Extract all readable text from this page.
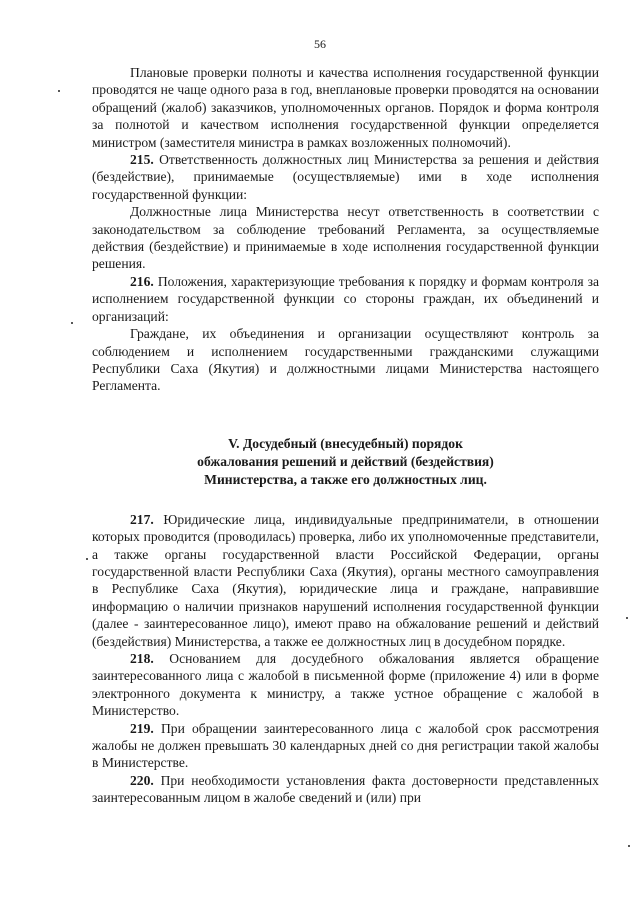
56

Плановые проверки полноты и качества исполнения государственной функции проводятся не чаще одного раза в год, внеплановые проверки проводятся на основании обращений (жалоб) заказчиков, уполномоченных органов. Порядок и форма контроля за полнотой и качеством исполнения государственной функции определяется министром (заместителя министра в рамках возложенных полномочий).

215. Ответственность должностных лиц Министерства за решения и действия (бездействие), принимаемые (осуществляемые) ими в ходе исполнения государственной функции:

Должностные лица Министерства несут ответственность в соответствии с законодательством за соблюдение требований Регламента, за осуществляемые действия (бездействие) и принимаемые в ходе исполнения государственной функции решения.

216. Положения, характеризующие требования к порядку и формам контроля за исполнением государственной функции со стороны граждан, их объединений и организаций:

Граждане, их объединения и организации осуществляют контроль за соблюдением и исполнением государственными гражданскими служащими Республики Саха (Якутия) и должностными лицами Министерства настоящего Регламента.

V. Досудебный (внесудебный) порядок
обжалования решений и действий (бездействия)
Министерства, а также его должностных лиц.

217. Юридические лица, индивидуальные предприниматели, в отношении которых проводится (проводилась) проверка, либо их уполномоченные представители, а также органы государственной власти Российской Федерации, органы государственной власти Республики Саха (Якутия), органы местного самоуправления в Республике Саха (Якутия), юридические лица и граждане, направившие информацию о наличии признаков нарушений исполнения государственной функции (далее - заинтересованное лицо), имеют право на обжалование решений и действий (бездействия) Министерства, а также ее должностных лиц в досудебном порядке.

218. Основанием для досудебного обжалования является обращение заинтересованного лица с жалобой в письменной форме (приложение 4) или в форме электронного документа к министру, а также устное обращение с жалобой в Министерство.

219. При обращении заинтересованного лица с жалобой срок рассмотрения жалобы не должен превышать 30 календарных дней со дня регистрации такой жалобы в Министерстве.

220. При необходимости установления факта достоверности представленных заинтересованным лицом в жалобе сведений и (или) при
